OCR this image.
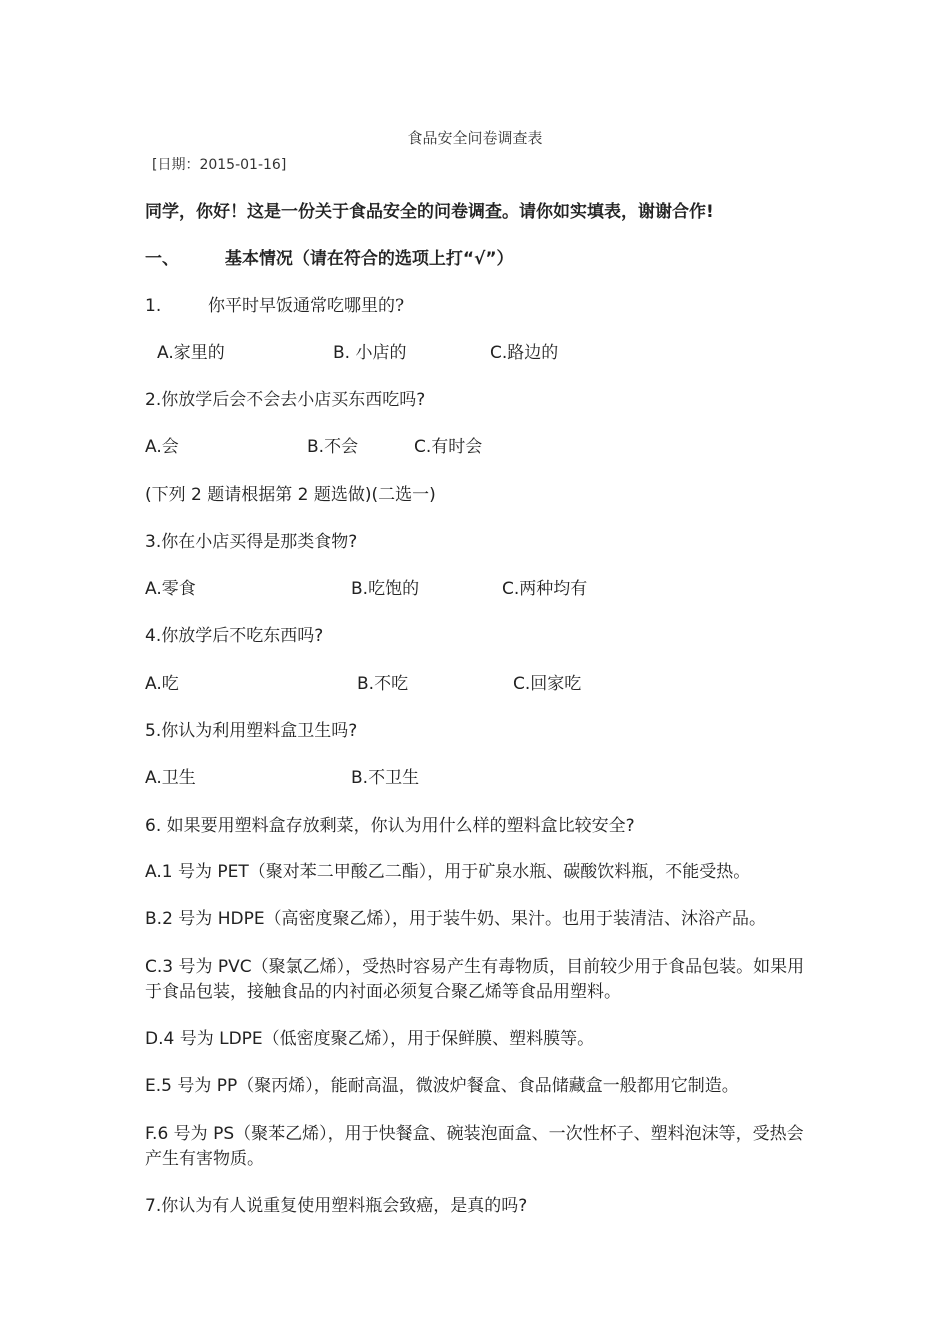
食品安全问卷调查表
[日期：2015-01-16]
同学，你好！这是一份关于食品安全的问卷调查。请你如实填表，谢谢合作!
一、	基本情况（请在符合的选项上打“√”）
1.	你平时早饭通常吃哪里的?
A.家里的	B. 小店的	C.路边的
2.你放学后会不会去小店买东西吃吗?
A.会	B.不会	C.有时会
(下列 2 题请根据第 2 题选做)(二选一)
3.你在小店买得是那类食物?
A.零食	B.吃饱的	C.两种均有
4.你放学后不吃东西吗?
A.吃	B.不吃	C.回家吃
5.你认为利用塑料盒卫生吗?
A.卫生	B.不卫生
6. 如果要用塑料盒存放剩菜，你认为用什么样的塑料盒比较安全?
A.1 号为 PET（聚对苯二甲酸乙二酯），用于矿泉水瓶、碳酸饮料瓶，不能受热。
B.2 号为 HDPE（高密度聚乙烯），用于装牛奶、果汁。也用于装清洁、沐浴产品。
C.3 号为 PVC（聚氯乙烯），受热时容易产生有毒物质，目前较少用于食品包装。如果用于食品包装，接触食品的内衬面必须复合聚乙烯等食品用塑料。
D.4 号为 LDPE（低密度聚乙烯），用于保鲜膜、塑料膜等。
E.5 号为 PP（聚丙烯），能耐高温，微波炉餐盒、食品储藏盒一般都用它制造。
F.6 号为 PS（聚苯乙烯），用于快餐盒、碗装泡面盒、一次性杯子、塑料泡沫等，受热会产生有害物质。
7.你认为有人说重复使用塑料瓶会致癌，是真的吗?
